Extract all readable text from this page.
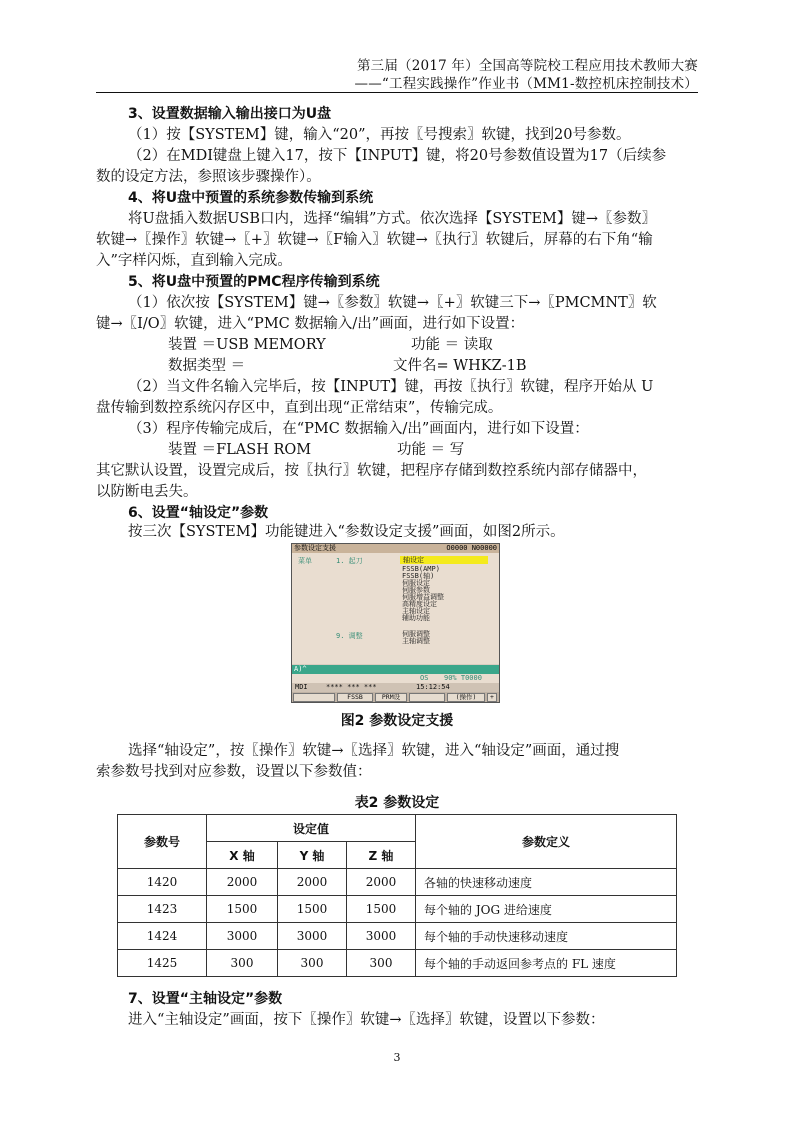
第三届（2017 年）全国高等院校工程应用技术教师大赛
——“工程实践操作”作业书（MM1-数控机床控制技术）
3、设置数据输入输出接口为U盘
（1）按【SYSTEM】键，输入“20”，再按〖号搜索〗软键，找到20号参数。
（2）在MDI键盘上键入17，按下【INPUT】键，将20号参数值设置为17（后续参
数的设定方法，参照该步骤操作）。
4、将U盘中预置的系统参数传输到系统
将U盘插入数据USB口内，选择“编辑”方式。依次选择【SYSTEM】键→〖参数〗
软键→〖操作〗软键→〖+〗软键→〖F输入〗软键→〖执行〗软键后，屏幕的右下角“输
入”字样闪烁，直到输入完成。
5、将U盘中预置的PMC程序传输到系统
（1）依次按【SYSTEM】键→〖参数〗软键→〖+〗软键三下→〖PMCMNT〗软
键→〖I/O〗软键，进入“PMC 数据输入/出”画面，进行如下设置：
装置 ＝USB MEMORY	功能 ＝ 读取
数据类型 ＝	文件名= WHKZ-1B
（2）当文件名输入完毕后，按【INPUT】键，再按〖执行〗软键，程序开始从 U
盘传输到数控系统闪存区中，直到出现“正常结束”，传输完成。
（3）程序传输完成后，在“PMC 数据输入/出”画面内，进行如下设置：
装置 ＝FLASH ROM	功能 ＝ 写
其它默认设置，设置完成后，按〖执行〗软键，把程序存储到数控系统内部存储器中，
以防断电丢失。
6、设置“轴设定”参数
按三次【SYSTEM】功能键进入“参数设定支援”画面，如图2所示。
选择“轴设定”，按〖操作〗软键→〖选择〗软键，进入“轴设定”画面，通过搜
索参数号找到对应参数，设置以下参数值：
7、设置“主轴设定”参数
进入“主轴设定”画面，按下〖操作〗软键→〖选择〗软键，设置以下参数：
参数设定支援	O0000 N00000
菜单	1. 起刀
9. 调整
轴设定
FSSB(AMP)
FSSB(轴)
伺服设定
伺服参数
伺服增益调整
高精度设定
主轴设定
辅助功能
伺服调整
主轴调整
A)^
OS 90% T0000
MDI	**** *** ***	15:12:54
FSSB	PRM设	(操作)	+
图2 参数设定支援
表2 参数设定
参数号	设定值			参数定义
	X 轴	Y 轴	Z 轴	
1420	2000	2000	2000	各轴的快速移动速度
1423	1500	1500	1500	每个轴的 JOG 进给速度
1424	3000	3000	3000	每个轴的手动快速移动速度
1425	300	300	300	每个轴的手动返回参考点的 FL 速度
3
